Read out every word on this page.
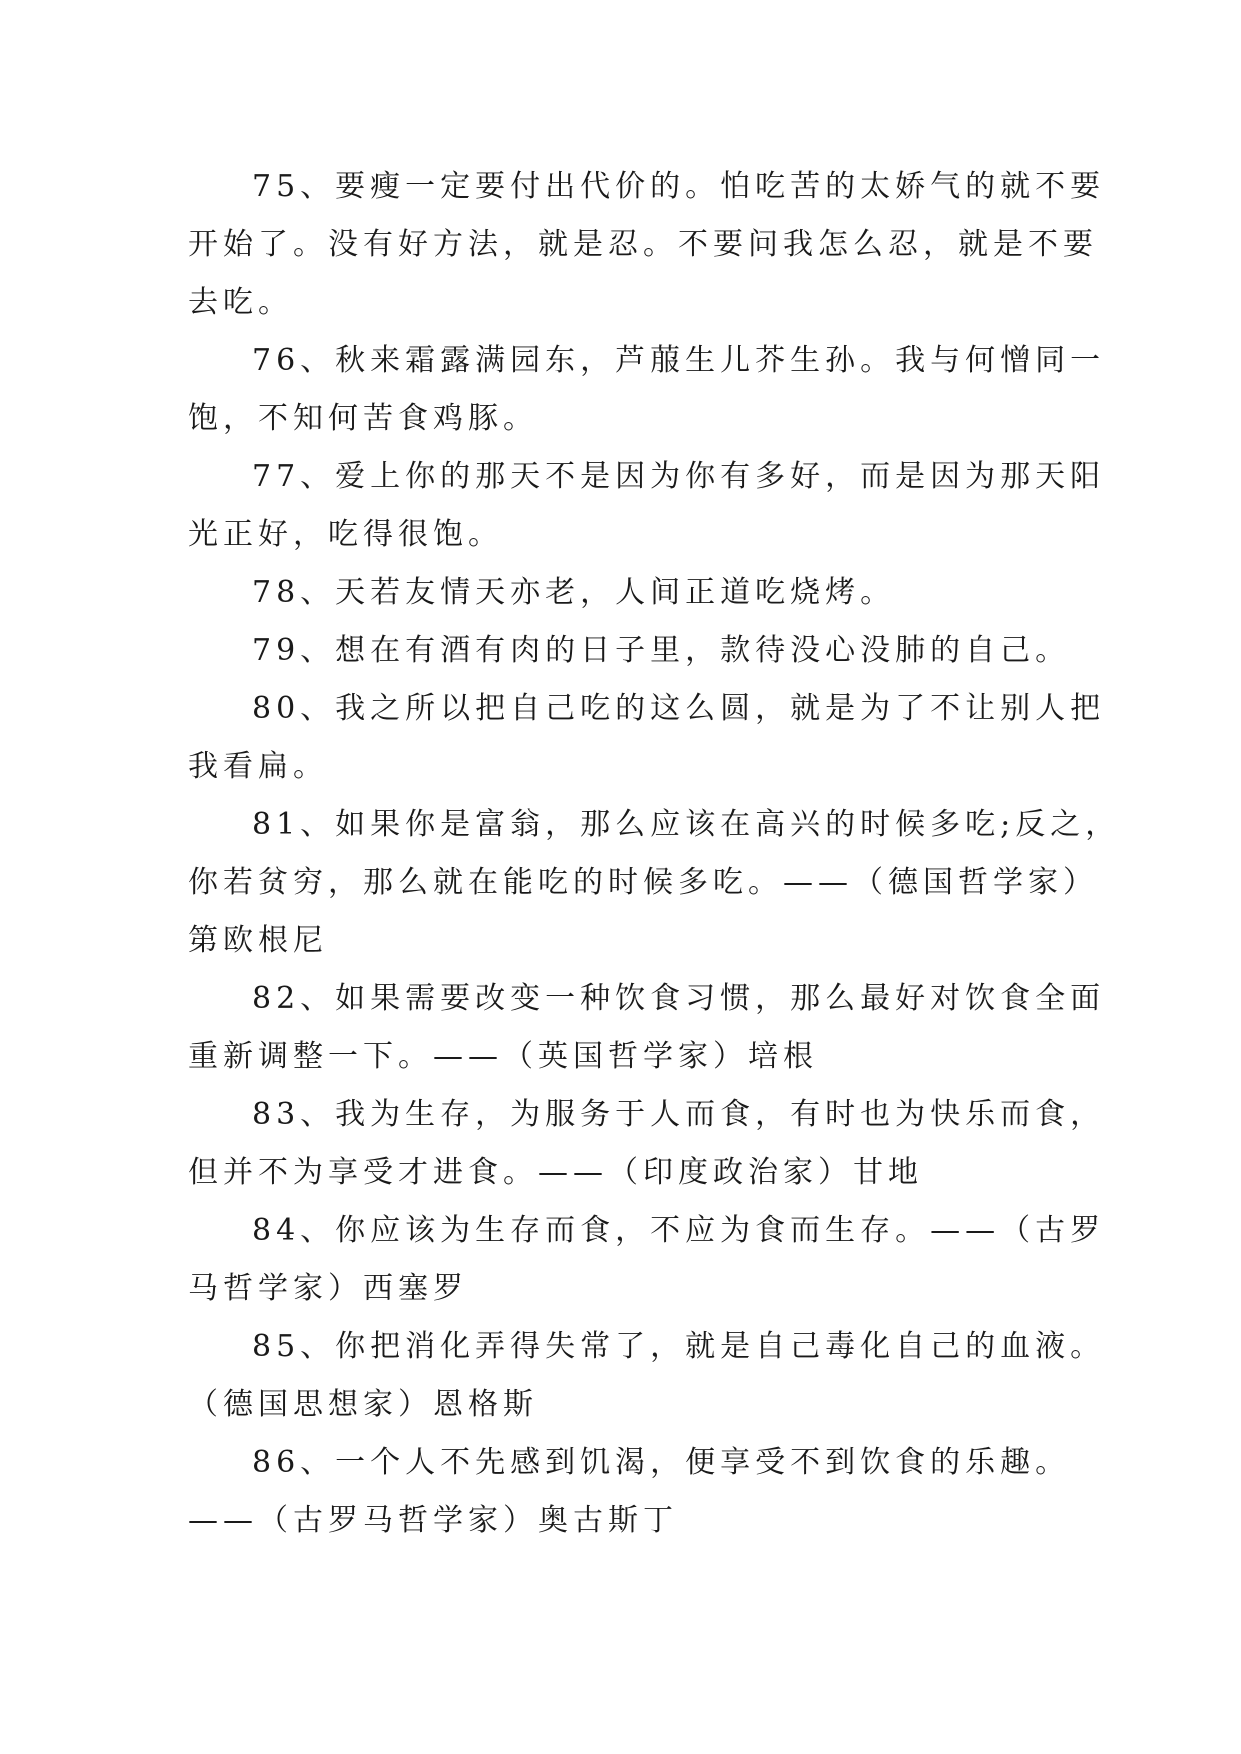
75、要瘦一定要付出代价的。怕吃苦的太娇气的就不要
开始了。没有好方法，就是忍。不要问我怎么忍，就是不要
去吃。
76、秋来霜露满园东，芦菔生儿芥生孙。我与何憎同一
饱，不知何苦食鸡豚。
77、爱上你的那天不是因为你有多好，而是因为那天阳
光正好，吃得很饱。
78、天若友情天亦老，人间正道吃烧烤。
79、想在有酒有肉的日子里，款待没心没肺的自己。
80、我之所以把自己吃的这么圆，就是为了不让别人把
我看扁。
81、如果你是富翁，那么应该在高兴的时候多吃;反之，
你若贫穷，那么就在能吃的时候多吃。——（德国哲学家）
第欧根尼
82、如果需要改变一种饮食习惯，那么最好对饮食全面
重新调整一下。——（英国哲学家）培根
83、我为生存，为服务于人而食，有时也为快乐而食，
但并不为享受才进食。——（印度政治家）甘地
84、你应该为生存而食，不应为食而生存。——（古罗
马哲学家）西塞罗
85、你把消化弄得失常了，就是自己毒化自己的血液。
（德国思想家）恩格斯
86、一个人不先感到饥渴，便享受不到饮食的乐趣。
——（古罗马哲学家）奥古斯丁
